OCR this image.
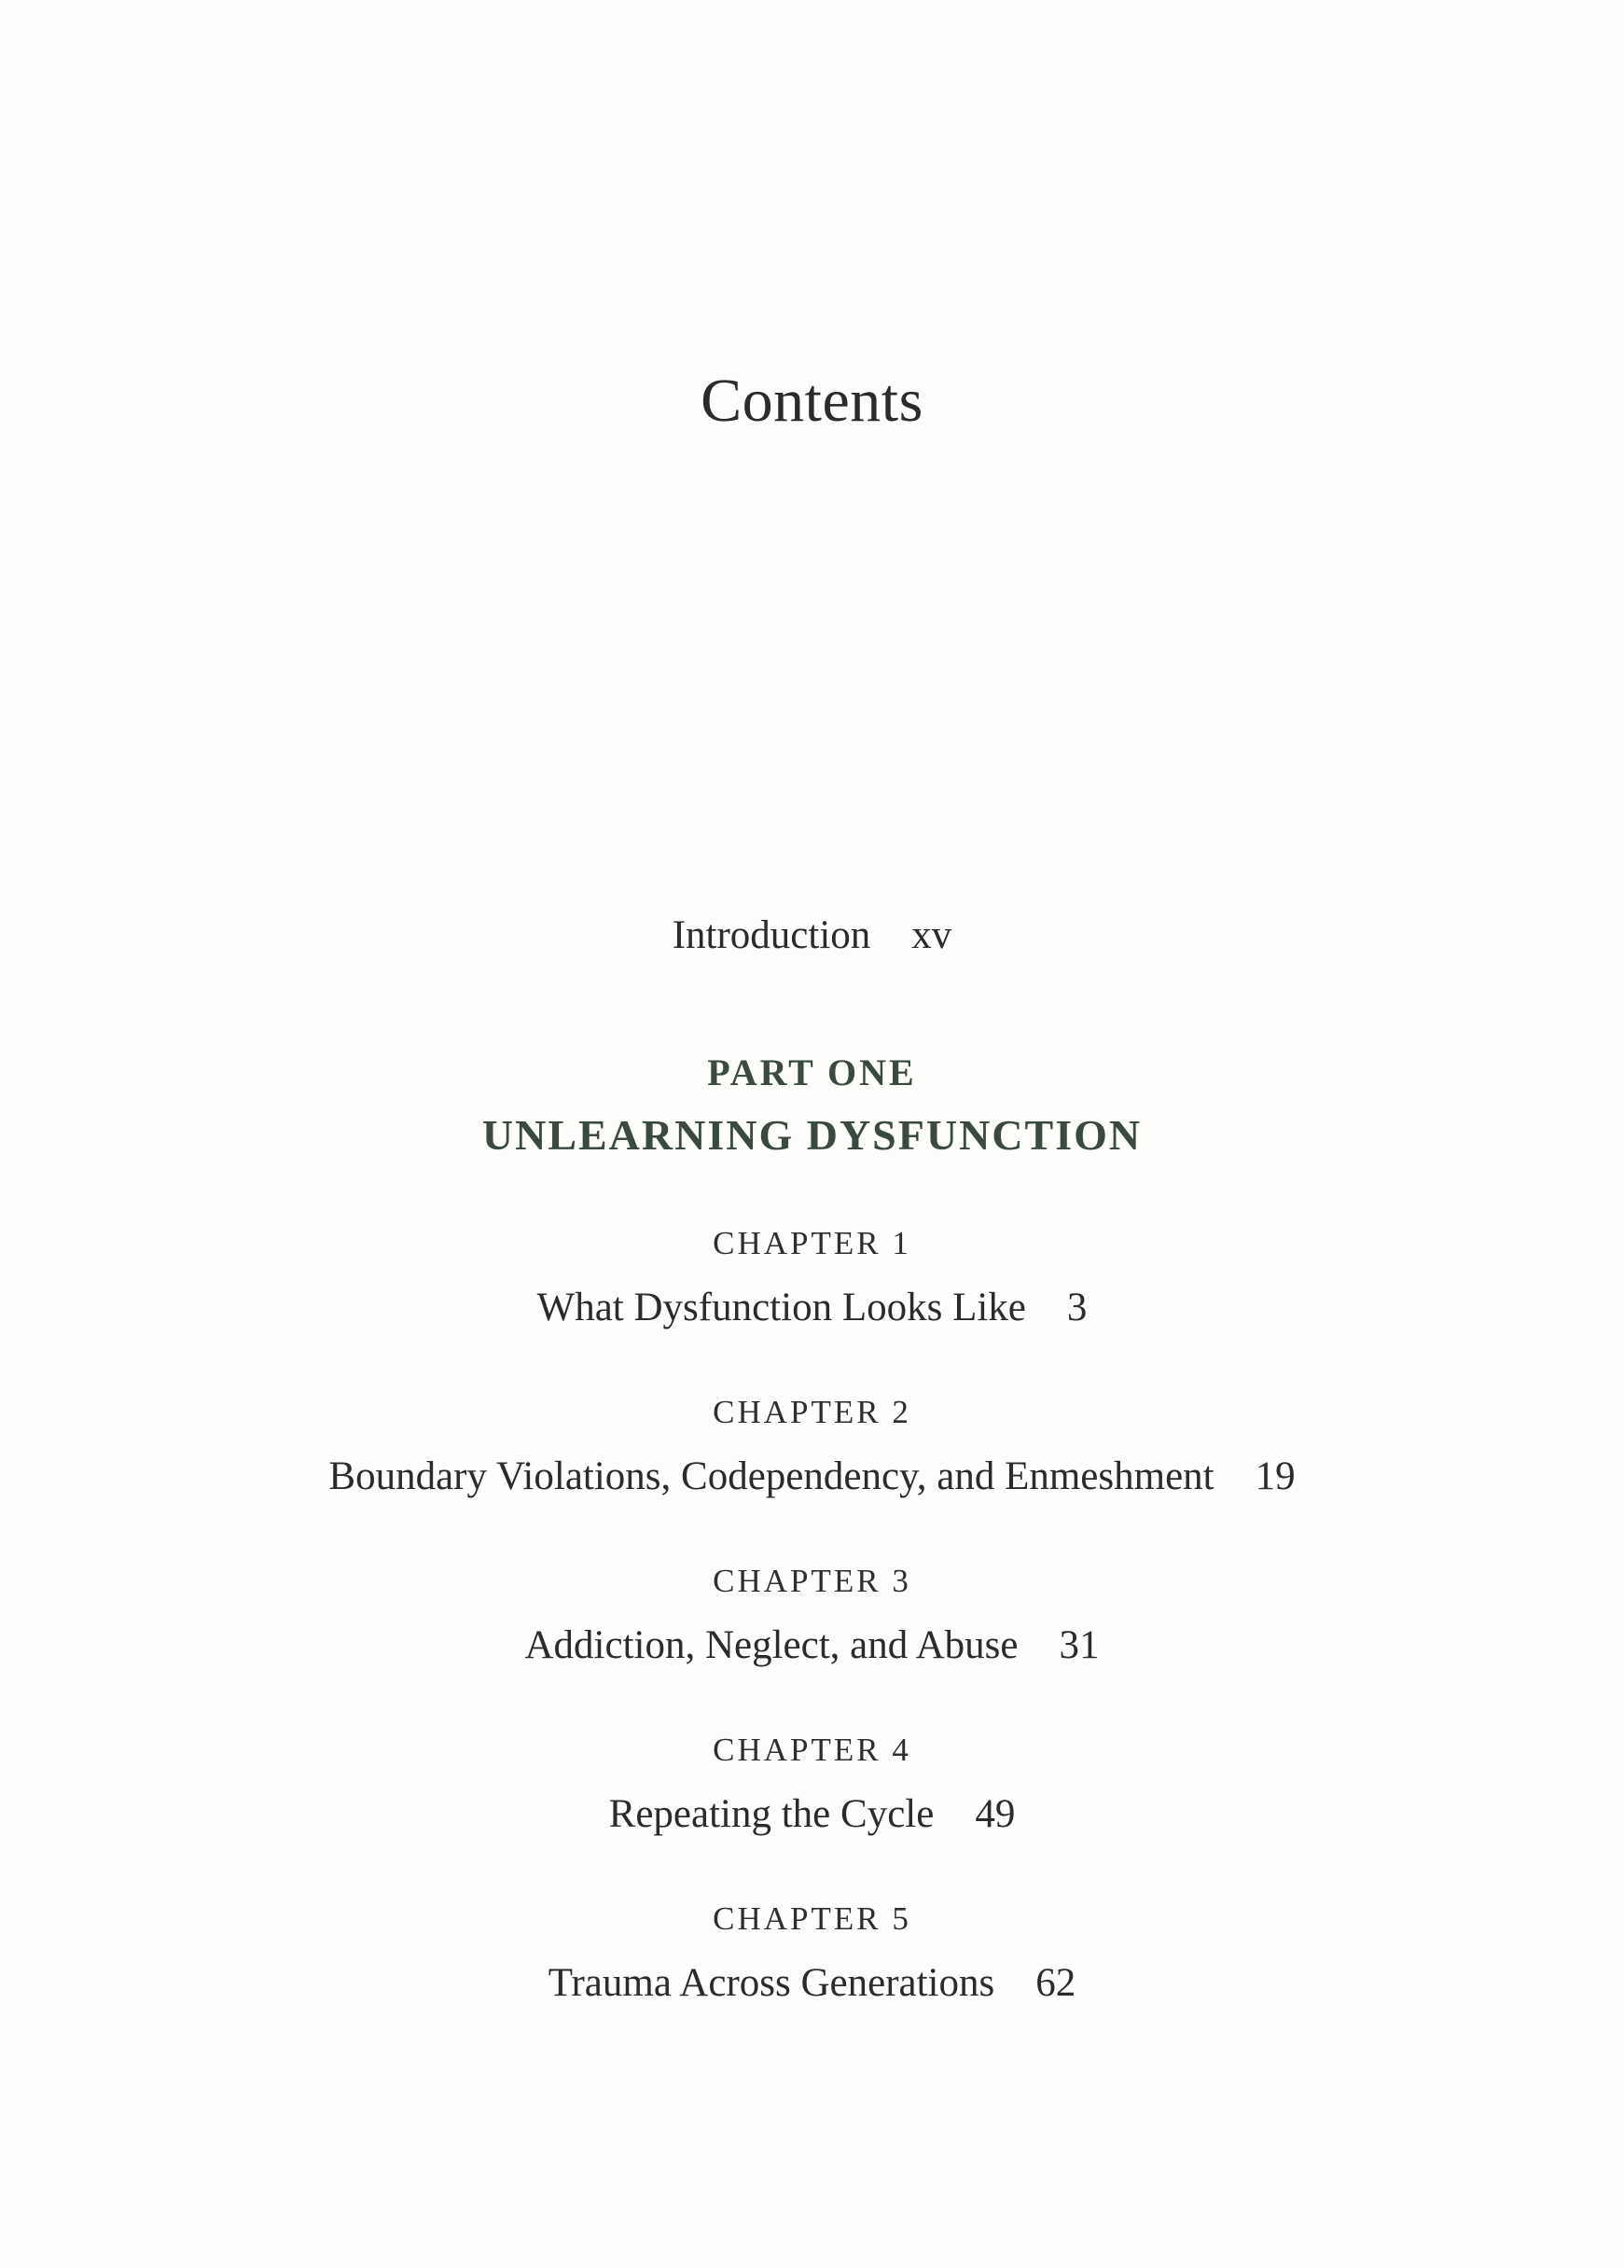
Contents
Introduction xv
PART ONE
UNLEARNING DYSFUNCTION
CHAPTER 1
What Dysfunction Looks Like 3
CHAPTER 2
Boundary Violations, Codependency, and Enmeshment 19
CHAPTER 3
Addiction, Neglect, and Abuse 31
CHAPTER 4
Repeating the Cycle 49
CHAPTER 5
Trauma Across Generations 62
